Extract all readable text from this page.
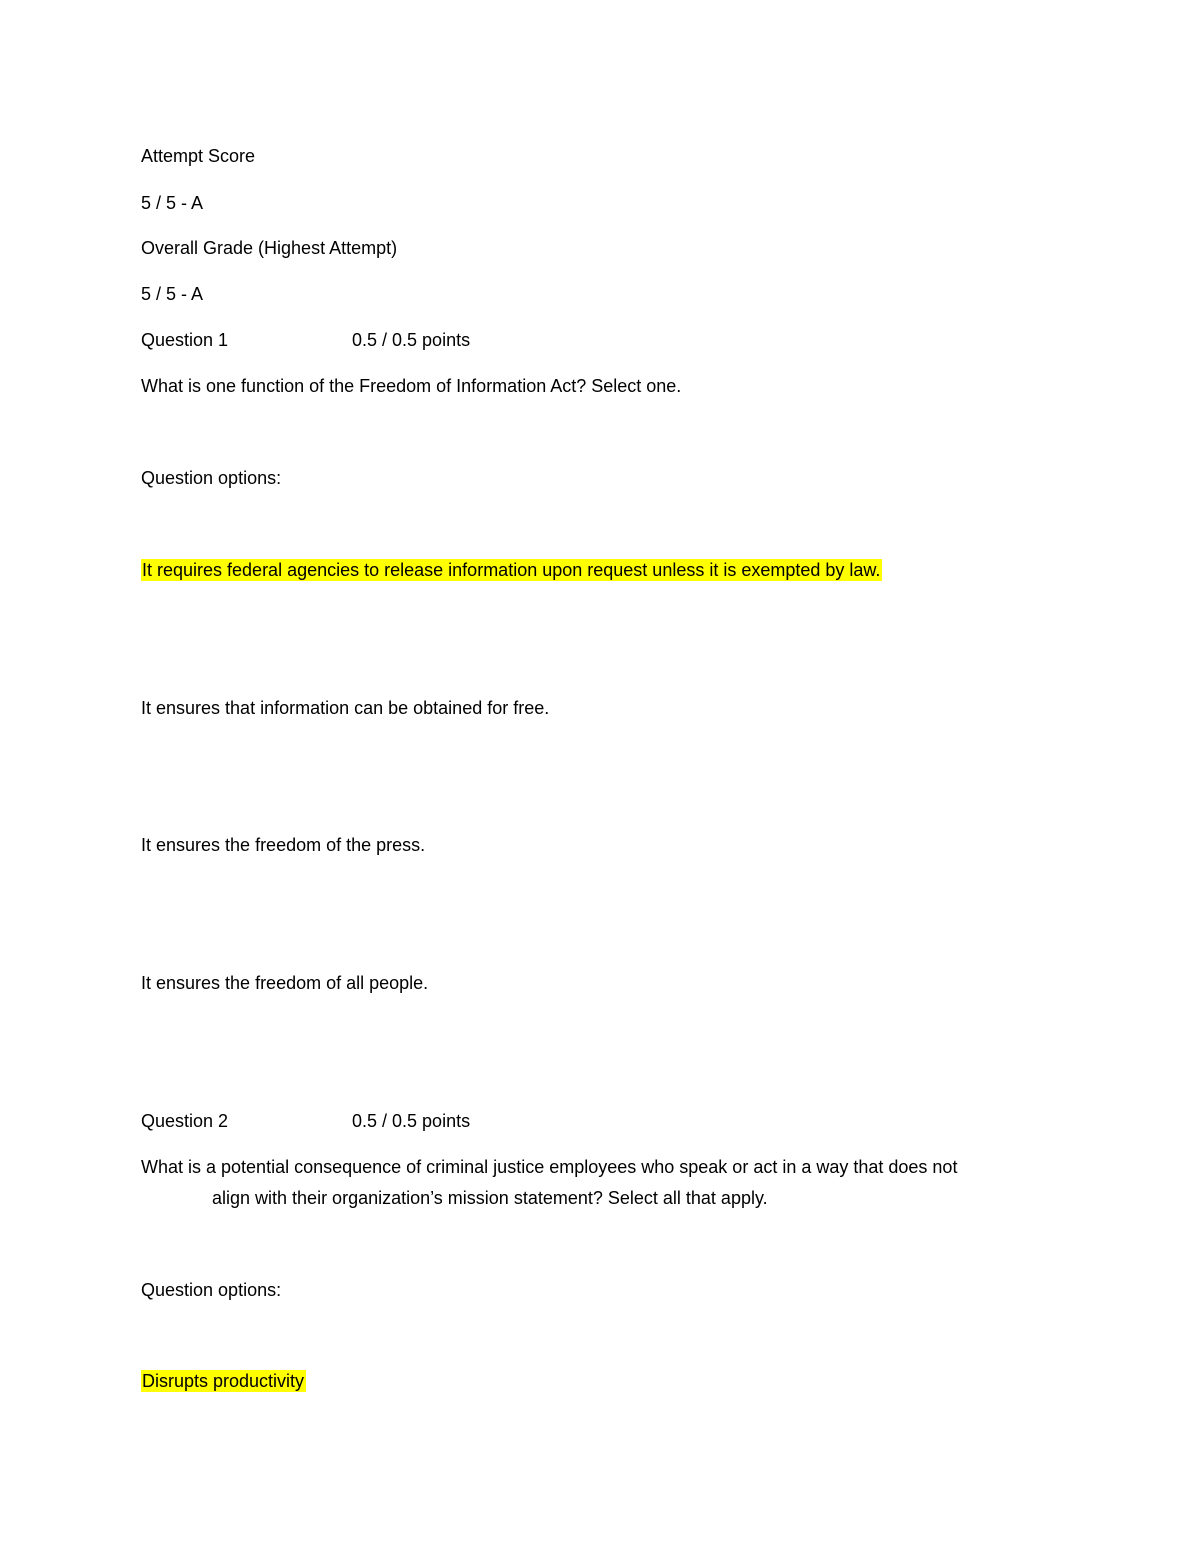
Attempt Score
5 / 5 - A
Overall Grade (Highest Attempt)
5 / 5 - A
Question 1	0.5 / 0.5 points
What is one function of the Freedom of Information Act? Select one.
Question options:
It requires federal agencies to release information upon request unless it is exempted by law.
It ensures that information can be obtained for free.
It ensures the freedom of the press.
It ensures the freedom of all people.
Question 2	0.5 / 0.5 points
What is a potential consequence of criminal justice employees who speak or act in a way that does not
align with their organization’s mission statement? Select all that apply.
Question options:
Disrupts productivity
